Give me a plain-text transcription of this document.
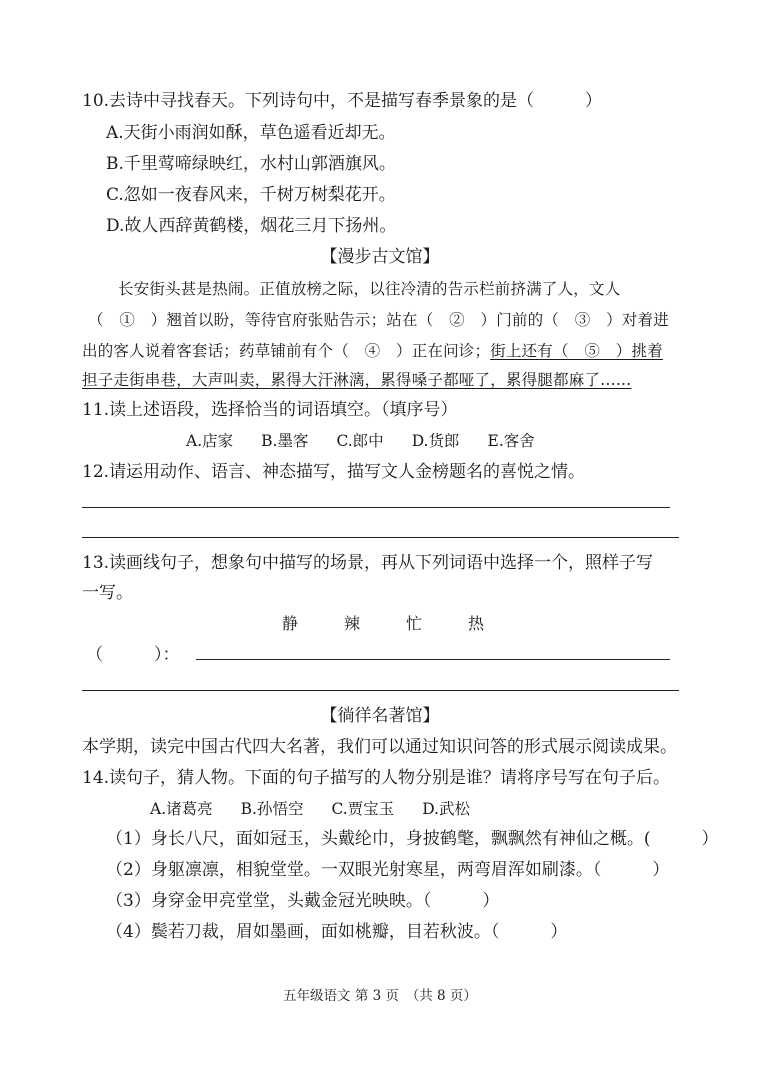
10.去诗中寻找春天。下列诗句中，不是描写春季景象的是（　　　）
A.天街小雨润如酥，草色遥看近却无。
B.千里莺啼绿映红，水村山郭酒旗风。
C.忽如一夜春风来，千树万树梨花开。
D.故人西辞黄鹤楼，烟花三月下扬州。
【漫步古文馆】
长安街头甚是热闹。正值放榜之际，以往冷清的告示栏前挤满了人，文人
（　①　）翘首以盼，等待官府张贴告示；站在（　②　）门前的（　③　）对着进
出的客人说着客套话；药草铺前有个（　④　）正在问诊；街上还有（　⑤　）挑着
担子走街串巷，大声叫卖，累得大汗淋漓，累得嗓子都哑了，累得腿都麻了……
11.读上述语段，选择恰当的词语填空。（填序号）
A.店家 B.墨客 C.郎中 D.货郎 E.客舍
12.请运用动作、语言、神态描写，描写文人金榜题名的喜悦之情。
13.读画线句子，想象句中描写的场景，再从下列词语中选择一个，照样子写
一写。
静	辣	忙	热
（　　　）：
【徜徉名著馆】
本学期，读完中国古代四大名著，我们可以通过知识问答的形式展示阅读成果。
14.读句子，猜人物。下面的句子描写的人物分别是谁？请将序号写在句子后。
A.诸葛亮 B.孙悟空 C.贾宝玉 D.武松
（1）身长八尺，面如冠玉，头戴纶巾，身披鹤氅，飘飘然有神仙之概。(　　　）
（2）身躯凛凛，相貌堂堂。一双眼光射寒星，两弯眉浑如刷漆。（　　　）
（3）身穿金甲亮堂堂，头戴金冠光映映。（　　　）
（4）鬓若刀裁，眉如墨画，面如桃瓣，目若秋波。（　　　）
五年级语文 第 3 页　（共 8 页）
